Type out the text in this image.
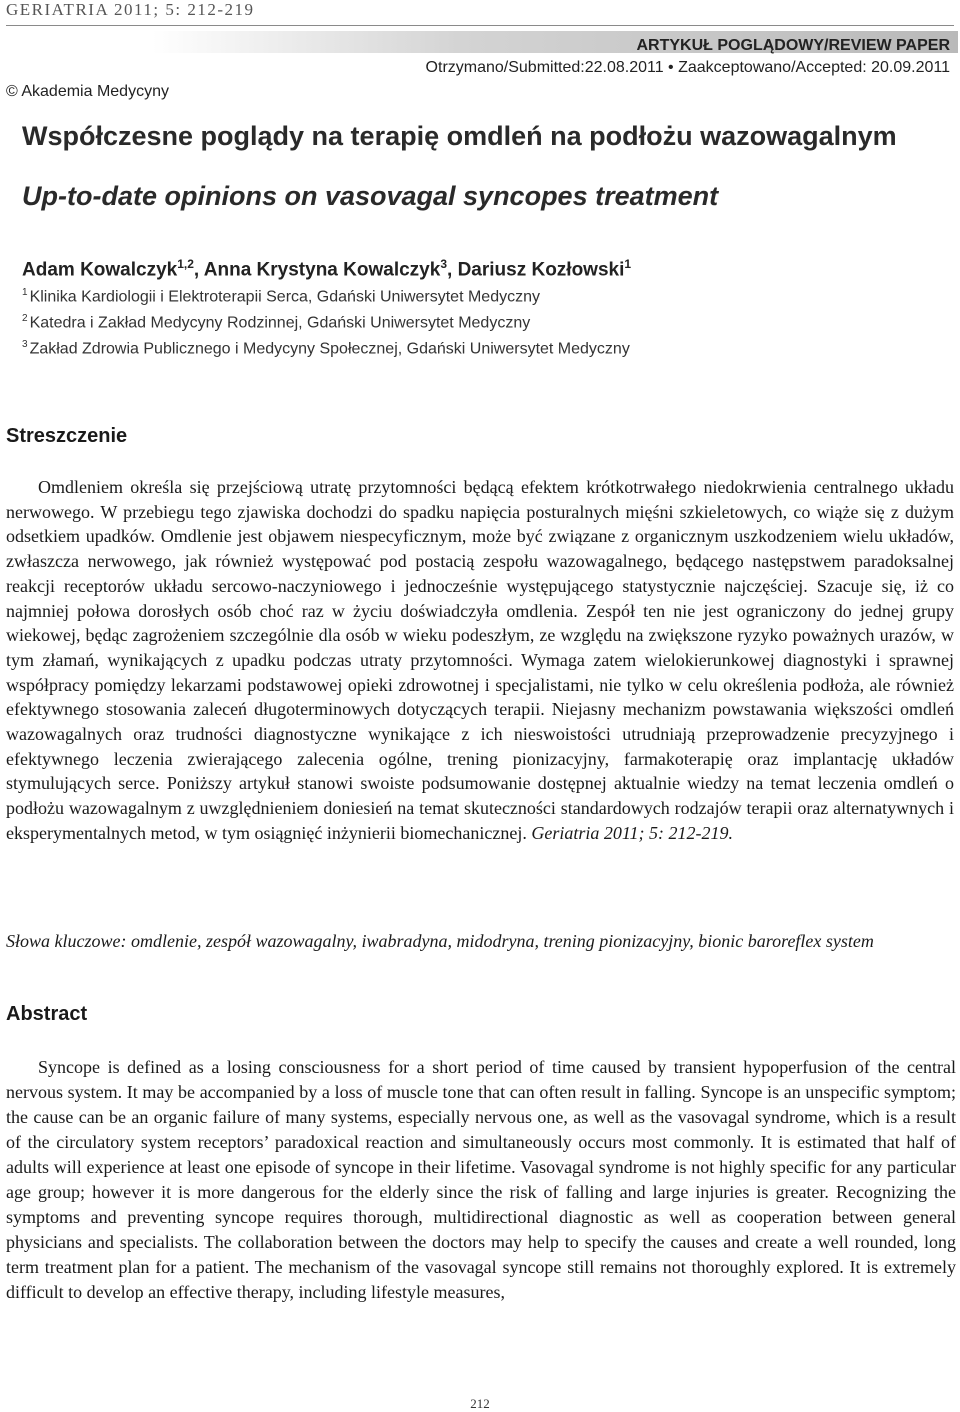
GERIATRIA 2011; 5: 212-219
ARTYKUŁ POGLĄDOWY/REVIEW PAPER
Otrzymano/Submitted:22.08.2011 • Zaakceptowano/Accepted: 20.09.2011
© Akademia Medycyny
Współczesne poglądy na terapię omdleń na podłożu wazowagalnym
Up-to-date opinions on vasovagal syncopes treatment
Adam Kowalczyk$^{1,2}$, Anna Krystyna Kowalczyk$^3$, Dariusz Kozłowski$^1$
$^1$ Klinika Kardiologii i Elektroterapii Serca, Gdański Uniwersytet Medyczny
$^2$ Katedra i Zakład Medycyny Rodzinnej, Gdański Uniwersytet Medyczny
$^3$ Zakład Zdrowia Publicznego i Medycyny Społecznej, Gdański Uniwersytet Medyczny
Streszczenie
Omdleniem określa się przejściową utratę przytomności będącą efektem krótkotrwałego niedokrwienia centralnego układu nerwowego. W przebiegu tego zjawiska dochodzi do spadku napięcia posturalnych mięśni szkieletowych, co wiąże się z dużym odsetkiem upadków. Omdlenie jest objawem niespecyficznym, może być związane z organicznym uszkodzeniem wielu układów, zwłaszcza nerwowego, jak również występować pod postacią zespołu wazowagalnego, będącego następstwem paradoksalnej reakcji receptorów układu sercowo-naczyniowego i jednocześnie występującego statystycznie najczęściej. Szacuje się, iż co najmniej połowa dorosłych osób choć raz w życiu doświadczyła omdlenia. Zespół ten nie jest ograniczony do jednej grupy wiekowej, będąc zagrożeniem szczególnie dla osób w wieku podeszłym, ze względu na zwiększone ryzyko poważnych urazów, w tym złamań, wynikających z upadku podczas utraty przytomności. Wymaga zatem wielokierunkowej diagnostyki i sprawnej współpracy pomiędzy lekarzami podstawowej opieki zdrowotnej i specjalistami, nie tylko w celu określenia podłoża, ale również efektywnego stosowania zaleceń długoterminowych dotyczących terapii. Niejasny mechanizm powstawania większości omdleń wazowagalnych oraz trudności diagnostyczne wynikające z ich nieswoistości utrudniają przeprowadzenie precyzyjnego i efektywnego leczenia zwierającego zalecenia ogólne, trening pionizacyjny, farmakoterapię oraz implantację układów stymulujących serce. Poniższy artykuł stanowi swoiste podsumowanie dostępnej aktualnie wiedzy na temat leczenia omdleń o podłożu wazowagalnym z uwzględnieniem doniesień na temat skuteczności standardowych rodzajów terapii oraz alternatywnych i eksperymentalnych metod, w tym osiągnięć inżynierii biomechanicznej. Geriatria 2011; 5: 212-219.
Słowa kluczowe: omdlenie, zespół wazowagalny, iwabradyna, midodryna, trening pionizacyjny, bionic baroreflex system
Abstract
Syncope is defined as a losing consciousness for a short period of time caused by transient hypoperfusion of the central nervous system. It may be accompanied by a loss of muscle tone that can often result in falling. Syncope is an unspecific symptom; the cause can be an organic failure of many systems, especially nervous one, as well as the vasovagal syndrome, which is a result of the circulatory system receptors’ paradoxical reaction and simultaneously occurs most commonly. It is estimated that half of adults will experience at least one episode of syncope in their lifetime. Vasovagal syndrome is not highly specific for any particular age group; however it is more dangerous for the elderly since the risk of falling and large injuries is greater. Recognizing the symptoms and preventing syncope requires thorough, multidirectional diagnostic as well as cooperation between general physicians and specialists. The collaboration between the doctors may help to specify the causes and create a well rounded, long term treatment plan for a patient. The mechanism of the vasovagal syncope still remains not thoroughly explored. It is extremely difficult to develop an effective therapy, including lifestyle measures,
212
